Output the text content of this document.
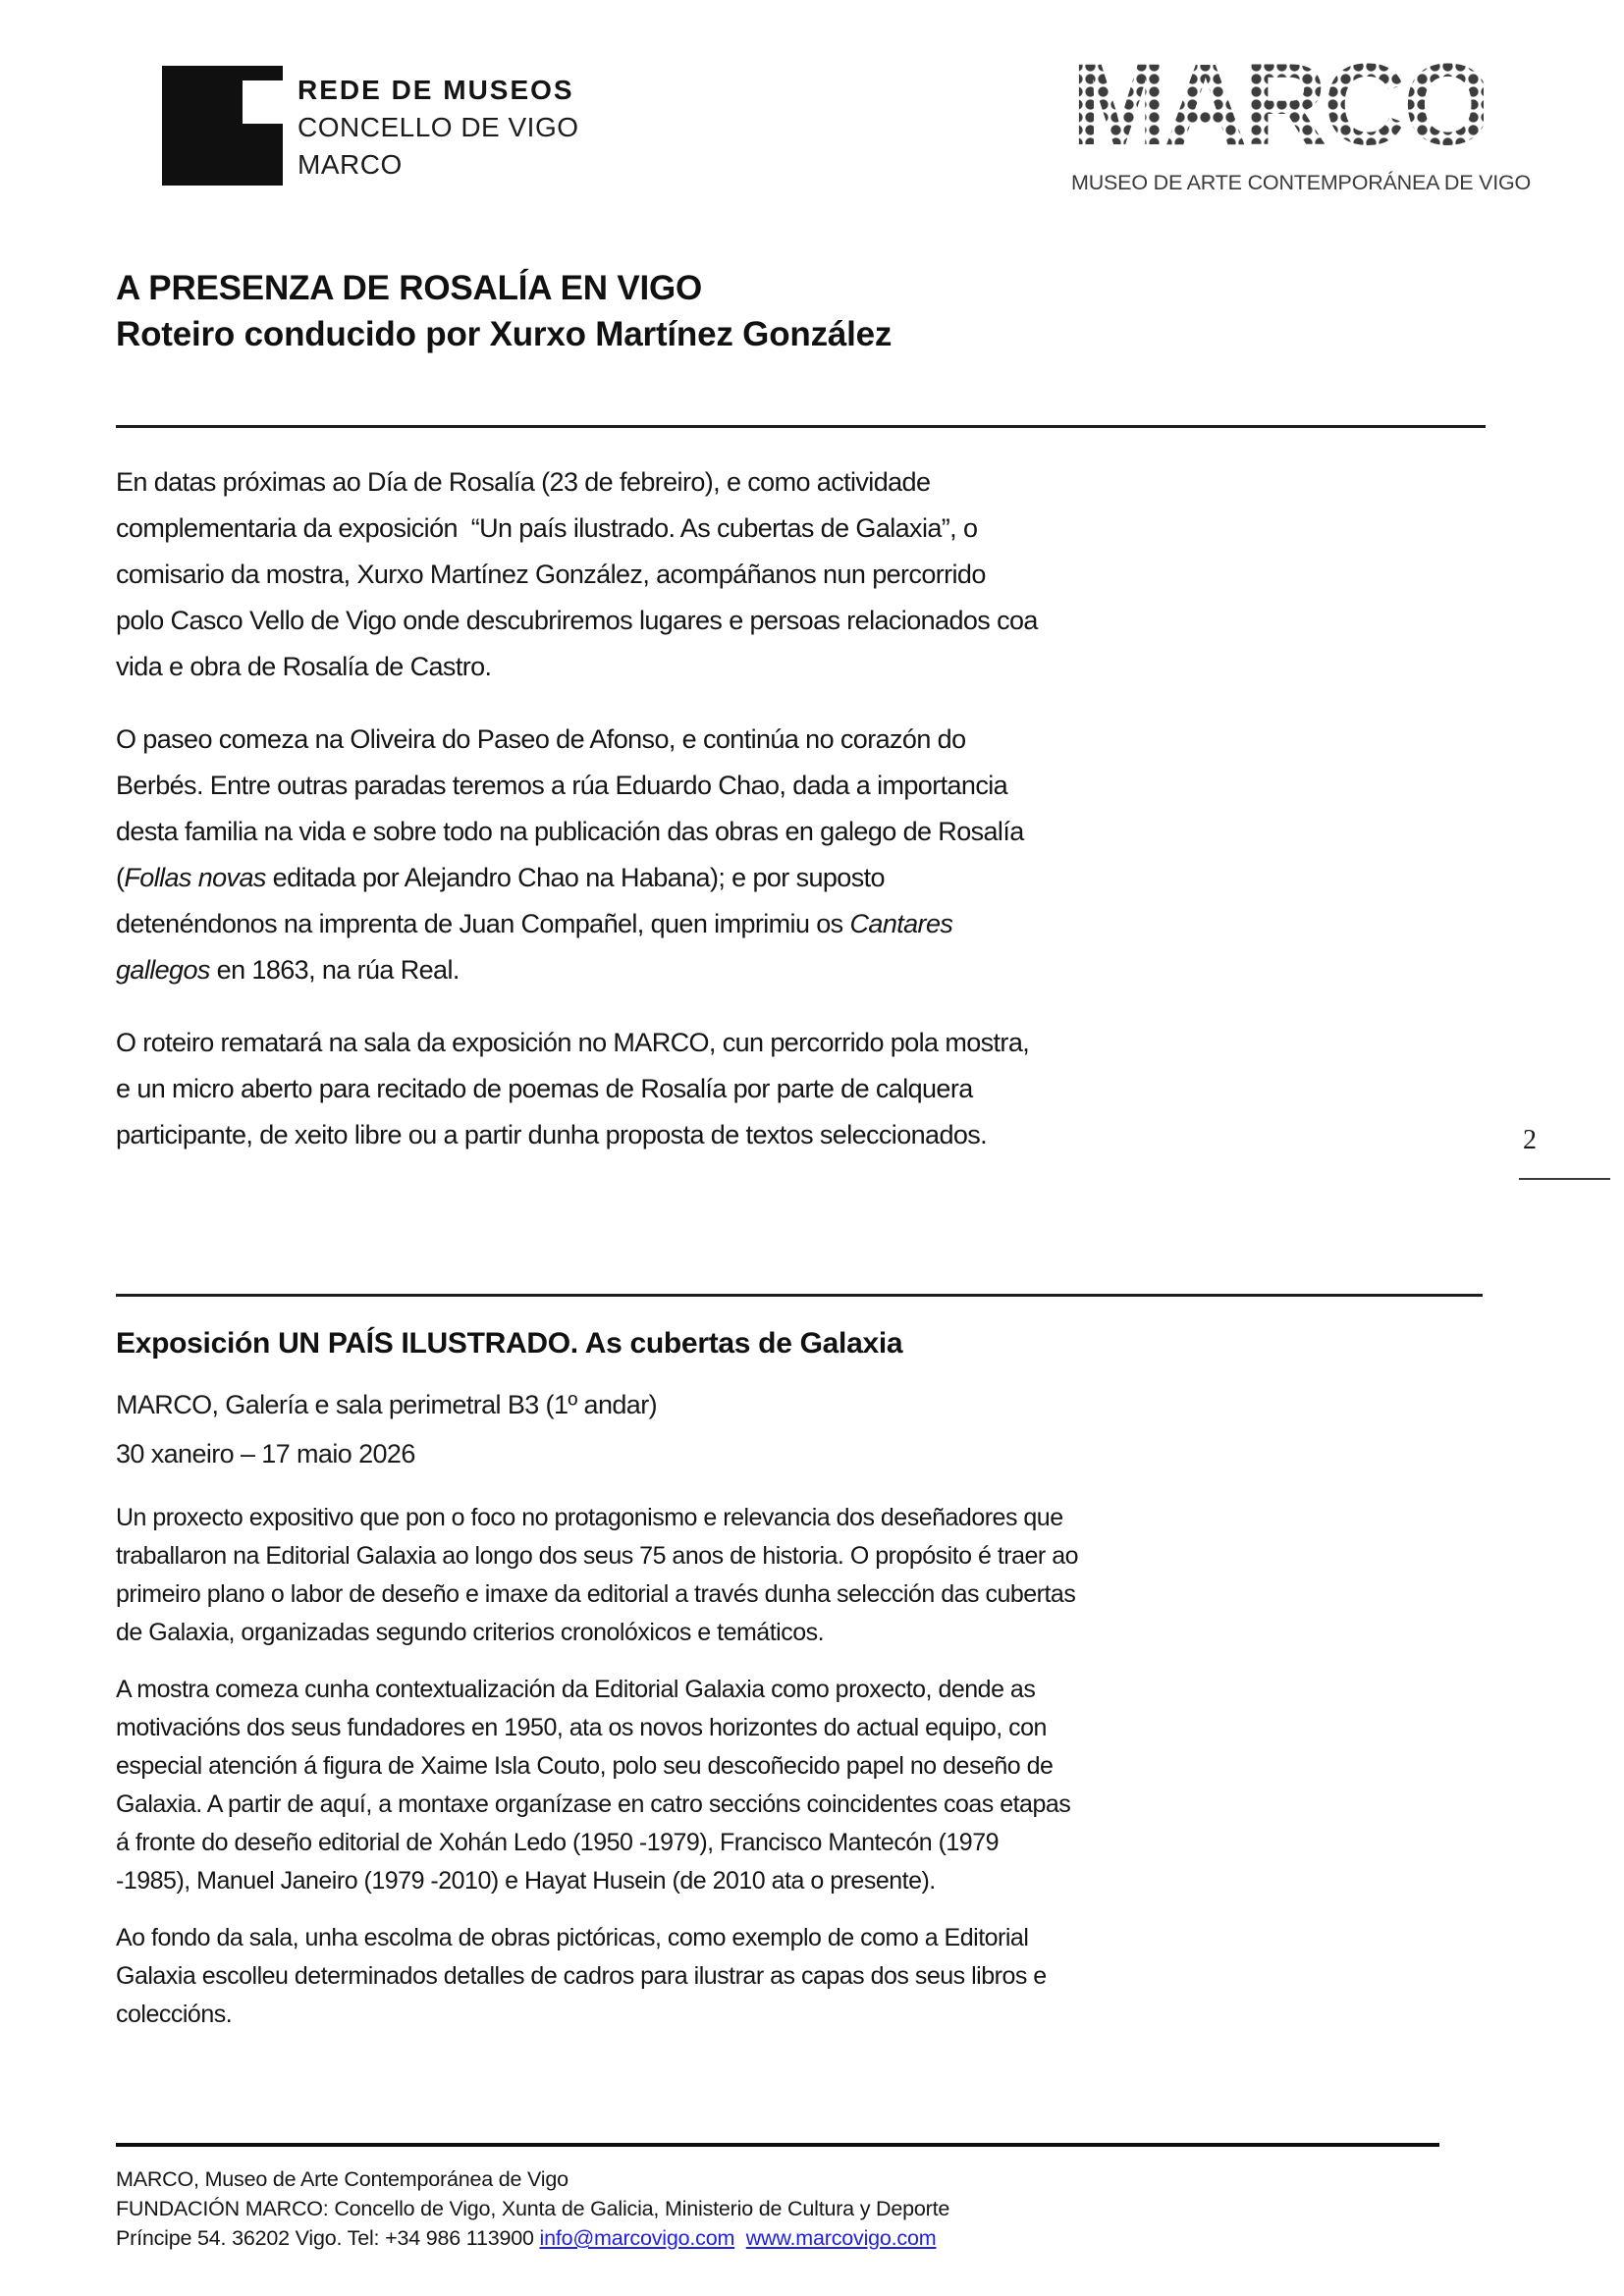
REDE DE MUSEOS
CONCELLO DE VIGO
MARCO	MARCO
MUSEO DE ARTE CONTEMPORÁNEA DE VIGO
A PRESENZA DE ROSALÍA EN VIGO
Roteiro conducido por Xurxo Martínez González

En datas próximas ao Día de Rosalía (23 de febreiro), e como actividade complementaria da exposición  “Un país ilustrado. As cubertas de Galaxia”, o comisario da mostra, Xurxo Martínez González, acompáñanos nun percorrido polo Casco Vello de Vigo onde descubriremos lugares e persoas relacionados coa vida e obra de Rosalía de Castro.

O paseo comeza na Oliveira do Paseo de Afonso, e continúa no corazón do Berbés. Entre outras paradas teremos a rúa Eduardo Chao, dada a importancia desta familia na vida e sobre todo na publicación das obras en galego de Rosalía (Follas novas editada por Alejandro Chao na Habana); e por suposto detenéndonos na imprenta de Juan Compañel, quen imprimiu os Cantares gallegos en 1863, na rúa Real.

O roteiro rematará na sala da exposición no MARCO, cun percorrido pola mostra, e un micro aberto para recitado de poemas de Rosalía por parte de calquera participante, de xeito libre ou a partir dunha proposta de textos seleccionados.	2
Exposición UN PAÍS ILUSTRADO. As cubertas de Galaxia

MARCO, Galería e sala perimetral B3 (1º andar)

30 xaneiro – 17 maio 2026

Un proxecto expositivo que pon o foco no protagonismo e relevancia dos deseñadores que traballaron na Editorial Galaxia ao longo dos seus 75 anos de historia. O propósito é traer ao primeiro plano o labor de deseño e imaxe da editorial a través dunha selección das cubertas de Galaxia, organizadas segundo criterios cronolóxicos e temáticos.

A mostra comeza cunha contextualización da Editorial Galaxia como proxecto, dende as motivacións dos seus fundadores en 1950, ata os novos horizontes do actual equipo, con especial atención á figura de Xaime Isla Couto, polo seu descoñecido papel no deseño de Galaxia. A partir de aquí, a montaxe organízase en catro seccións coincidentes coas etapas á fronte do deseño editorial de Xohán Ledo (1950 -1979), Francisco Mantecón (1979 -1985), Manuel Janeiro (1979 -2010) e Hayat Husein (de 2010 ata o presente).

Ao fondo da sala, unha escolma de obras pictóricas, como exemplo de como a Editorial Galaxia escolleu determinados detalles de cadros para ilustrar as capas dos seus libros e coleccións.

MARCO, Museo de Arte Contemporánea de Vigo

FUNDACIÓN MARCO: Concello de Vigo, Xunta de Galicia, Ministerio de Cultura y Deporte

Príncipe 54. 36202 Vigo. Tel: +34 986 113900 info@marcovigo.com www.marcovigo.com
